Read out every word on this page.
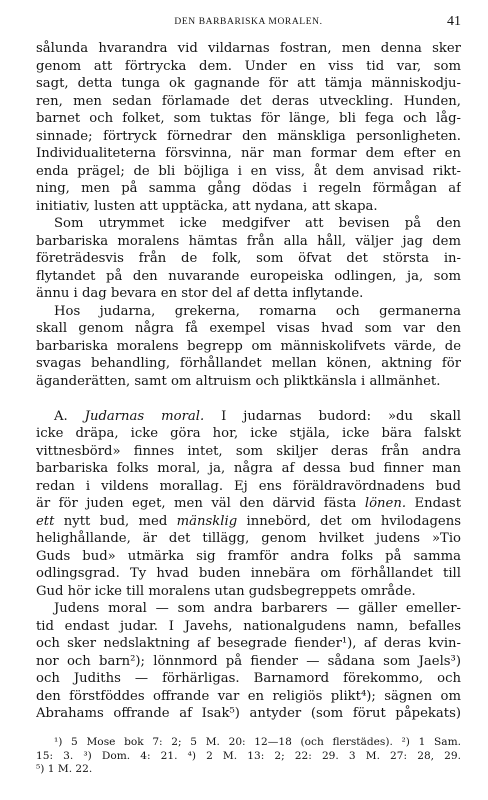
DEN BARBARISKA MORALEN.	41
sålunda hvarandra vid vildarnas fostran, men denna sker
genom att förtrycka dem. Under en viss tid var, som
sagt, detta tunga ok gagnande för att tämja människodju-
ren, men sedan förlamade det deras utveckling. Hunden,
barnet och folket, som tuktas för länge, bli fega och låg-
sinnade; förtryck förnedrar den mänskliga personligheten.
Individualiteterna försvinna, när man formar dem efter en
enda prägel; de bli böjliga i en viss, åt dem anvisad rikt-
ning, men på samma gång dödas i regeln förmågan af
initiativ, lusten att upptäcka, att nydana, att skapa.
Som utrymmet icke medgifver att bevisen på den
barbariska moralens hämtas från alla håll, väljer jag dem
företrädesvis från de folk, som öfvat det största in-
flytandet på den nuvarande europeiska odlingen, ja, som
ännu i dag bevara en stor del af detta inflytande.
Hos judarna, grekerna, romarna och germanerna
skall genom några få exempel visas hvad som var den
barbariska moralens begrepp om människolifvets värde, de
svagas behandling, förhållandet mellan könen, aktning för
äganderätten, samt om altruism och pliktkänsla i allmänhet.
A. Judarnas moral. I judarnas budord: »du skall
icke dräpa, icke göra hor, icke stjäla, icke bära falskt
vittnesbörd» finnes intet, som skiljer deras från andra
barbariska folks moral, ja, några af dessa bud finner man
redan i vildens morallag. Ej ens föräldravördnadens bud
är för juden eget, men väl den därvid fästa lönen. Endast
ett nytt bud, med mänsklig innebörd, det om hvilodagens
helighållande, är det tillägg, genom hvilket judens »Tio
Guds bud» utmärka sig framför andra folks på samma
odlingsgrad. Ty hvad buden innebära om förhållandet till
Gud hör icke till moralens utan gudsbegreppets område.
Judens moral — som andra barbarers — gäller emeller-
tid endast judar. I Javehs, nationalgudens namn, befalles
och sker nedslaktning af besegrade fiender¹), af deras kvin-
nor och barn²); lönnmord på fiender — sådana som Jaels³)
och Judiths — förhärligas. Barnamord förekommo, och
den förstföddes offrande var en religiös plikt⁴); sägnen om
Abrahams offrande af Isak⁵) antyder (som förut påpekats)
¹) 5 Mose bok 7: 2; 5 M. 20: 12—18 (och flerstädes). ²) 1 Sam.
15: 3. ³) Dom. 4: 21. ⁴) 2 M. 13: 2; 22: 29. 3 M. 27: 28, 29.
⁵) 1 M. 22.
